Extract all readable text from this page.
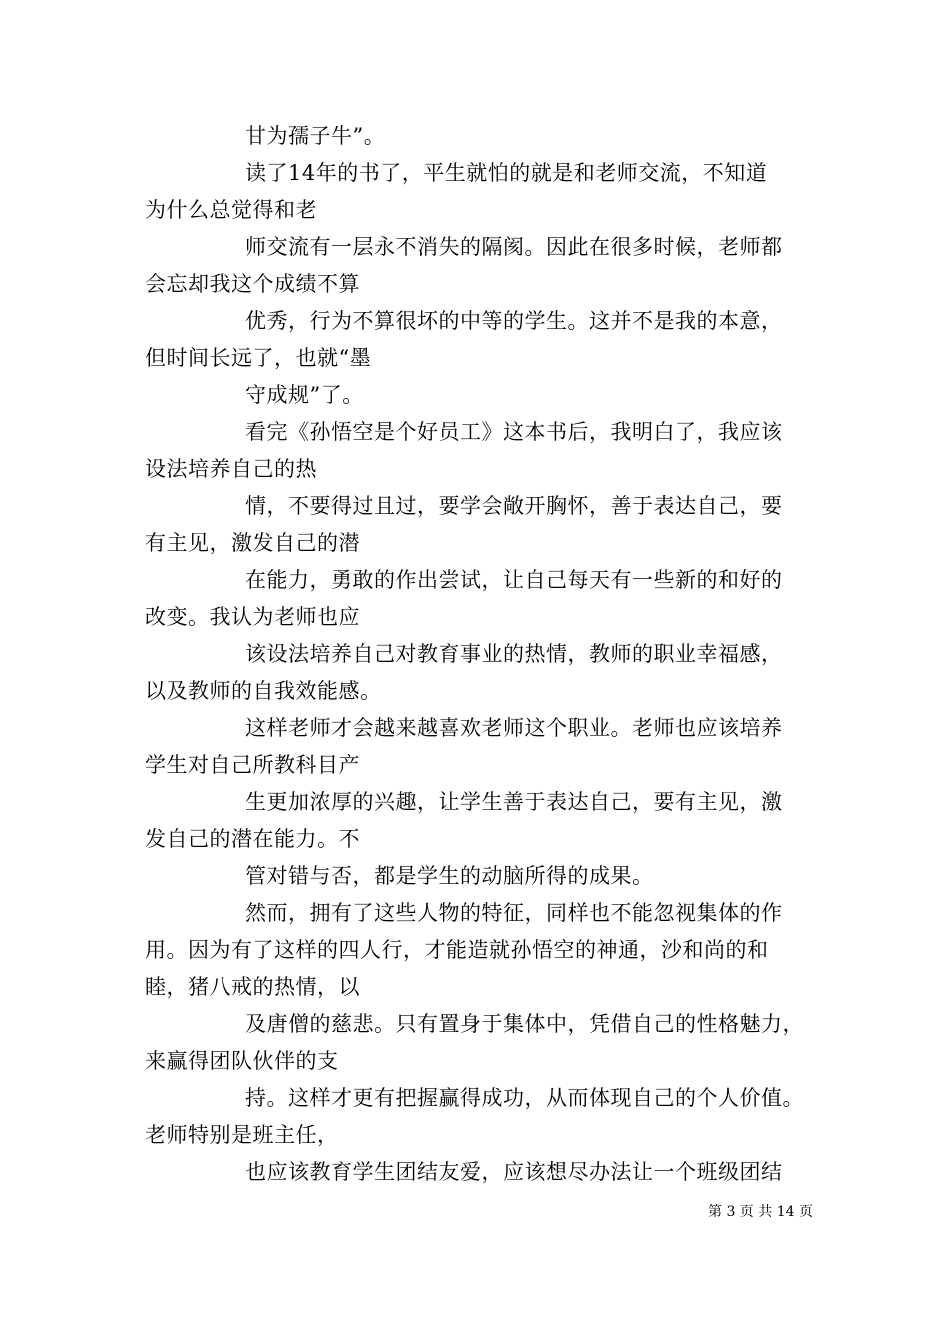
甘为孺子牛”。
读了14年的书了，平生就怕的就是和老师交流，不知道
为什么总觉得和老
师交流有一层永不消失的隔阂。因此在很多时候，老师都
会忘却我这个成绩不算
优秀，行为不算很坏的中等的学生。这并不是我的本意，
但时间长远了，也就“墨
守成规”了。
看完《孙悟空是个好员工》这本书后，我明白了，我应该
设法培养自己的热
情，不要得过且过，要学会敞开胸怀，善于表达自己，要
有主见，激发自己的潜
在能力，勇敢的作出尝试，让自己每天有一些新的和好的
改变。我认为老师也应
该设法培养自己对教育事业的热情，教师的职业幸福感，
以及教师的自我效能感。
这样老师才会越来越喜欢老师这个职业。老师也应该培养
学生对自己所教科目产
生更加浓厚的兴趣，让学生善于表达自己，要有主见，激
发自己的潜在能力。不
管对错与否，都是学生的动脑所得的成果。
然而，拥有了这些人物的特征，同样也不能忽视集体的作
用。因为有了这样的四人行，才能造就孙悟空的神通，沙和尚的和
睦，猪八戒的热情，以
及唐僧的慈悲。只有置身于集体中，凭借自己的性格魅力，
来赢得团队伙伴的支
持。这样才更有把握赢得成功，从而体现自己的个人价值。
老师特别是班主任，
也应该教育学生团结友爱，应该想尽办法让一个班级团结
第 3 页 共 14 页
